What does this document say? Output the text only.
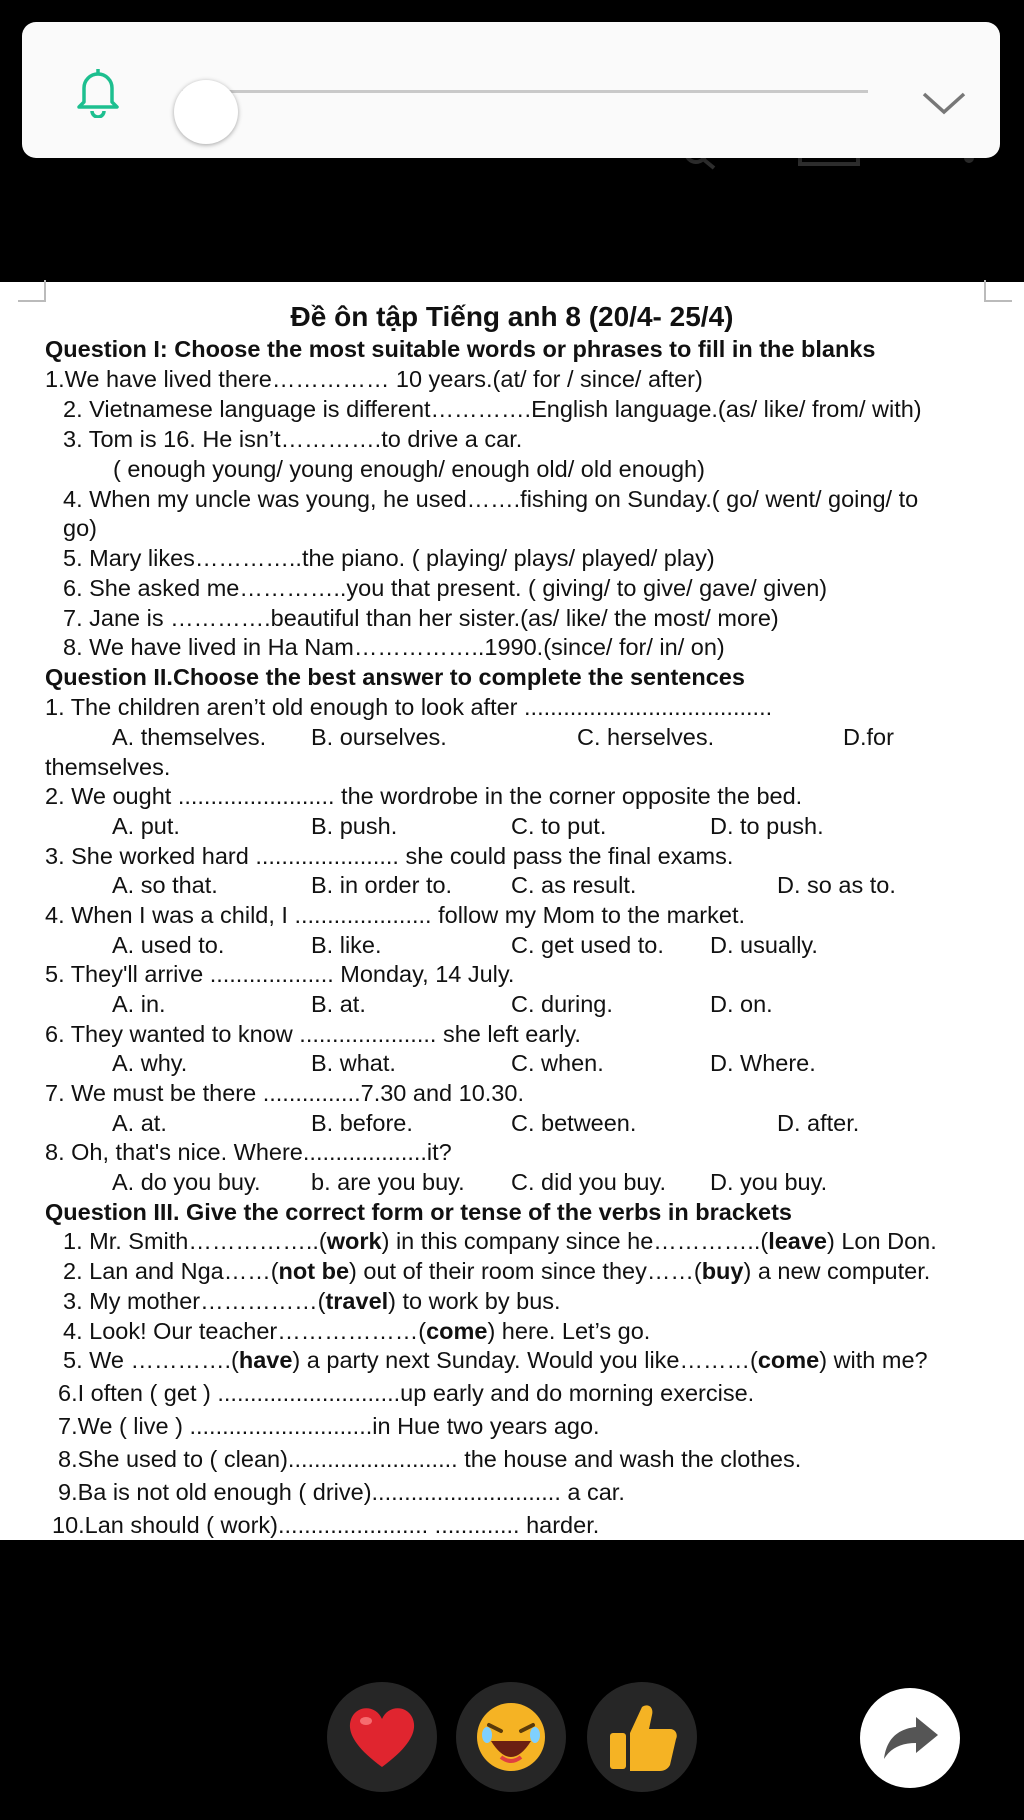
Đề ôn tập Tiếng anh 8 (20/4- 25/4)
Question I: Choose the most suitable words or phrases to fill in the blanks
1.We have lived there…………… 10 years.(at/ for / since/ after)
2. Vietnamese language is different………….English language.(as/ like/ from/ with)
3. Tom is 16. He isn’t………….to drive a car.
( enough young/ young enough/ enough old/ old enough)
4. When my uncle was young, he used…….fishing on Sunday.( go/ went/ going/ to
go)
5. Mary likes…………..the piano. ( playing/ plays/ played/ play)
6. She asked me…………..you that present. ( giving/ to give/ gave/ given)
7. Jane is ………….beautiful than her sister.(as/ like/ the most/ more)
8. We have lived in Ha Nam……………..1990.(since/ for/ in/ on)
Question II.Choose the best answer to complete the sentences
1. The children aren’t old enough to look after ......................................
A. themselves. B. ourselves.	C. herselves.	D.for
themselves.
2. We ought ........................ the wordrobe in the corner opposite the bed.
A. put.	B. push.	C. to put.	D. to push.
3. She worked hard ...................... she could pass the final exams.
A. so that.	B. in order to.	C. as result.	D. so as to.
4. When I was a child, I ..................... follow my Mom to the market.
A. used to.	B. like.	C. get used to. D. usually.
5. They'll arrive ................... Monday, 14 July.
A. in.	B. at.	C. during.	D. on.
6. They wanted to know ..................... she left early.
A. why.	B. what.	C. when.	D. Where.
7. We must be there ...............7.30 and 10.30.
A. at.	B. before.	C. between.	D. after.
8. Oh, that's nice. Where...................it?
A. do you buy. b. are you buy. C. did you buy. D. you buy.
Question III. Give the correct form or tense of the verbs in brackets
1. Mr. Smith……………..(work) in this company since he…………..(leave) Lon Don.
2. Lan and Nga……(not be) out of their room since they……(buy) a new computer.
3. My mother……………(travel) to work by bus.
4. Look! Our teacher………………(come) here. Let’s go.
5. We ………….(have) a party next Sunday. Would you like………(come) with me?
6.I often ( get ) ............................up early and do morning exercise.
7.We ( live ) ............................in Hue two years ago.
8.She used to ( clean).......................... the house and wash the clothes.
9.Ba is not old enough ( drive)............................. a car.
10.Lan should ( work)....................... ............. harder.
